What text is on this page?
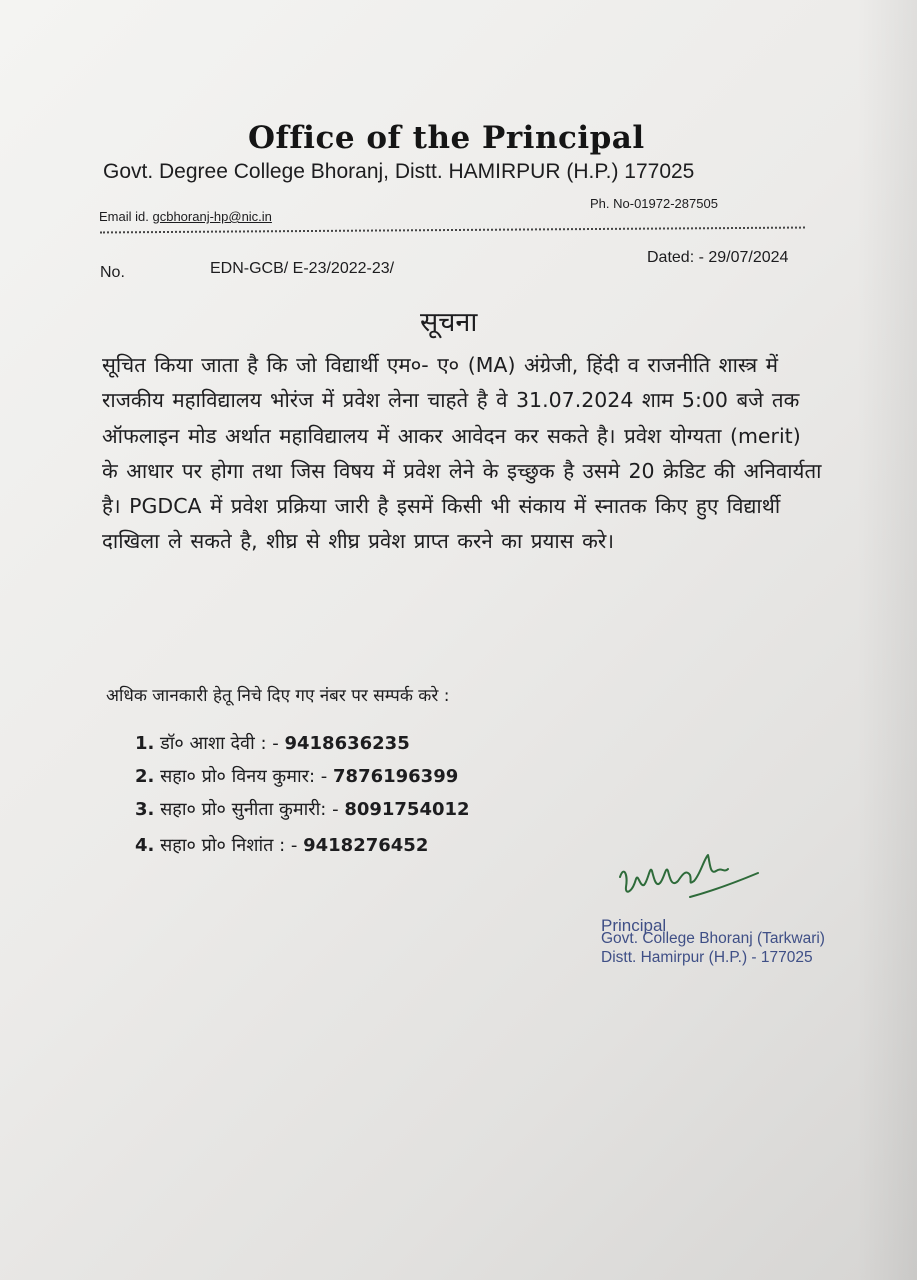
Office of the Principal
Govt. Degree College Bhoranj, Distt. HAMIRPUR (H.P.) 177025
Email id. gcbhoranj-hp@nic.in
Ph. No-01972-287505
No.	EDN-GCB/ E-23/2022-23/
Dated: - 29/07/2024
सूचना
सूचित किया जाता है कि जो विद्यार्थी एम०- ए० (MA) अंग्रेजी, हिंदी व राजनीति शास्त्र में राजकीय महाविद्यालय भोरंज में प्रवेश लेना चाहते है वे 31.07.2024 शाम 5:00 बजे तक ऑफलाइन मोड अर्थात महाविद्यालय में आकर आवेदन कर सकते है। प्रवेश योग्यता (merit) के आधार पर होगा तथा जिस विषय में प्रवेश लेने के इच्छुक है उसमे 20 क्रेडिट की अनिवार्यता है। PGDCA में प्रवेश प्रक्रिया जारी है इसमें किसी भी संकाय में स्नातक किए हुए विद्यार्थी दाखिला ले सकते है, शीघ्र से शीघ्र प्रवेश प्राप्त करने का प्रयास करे।
अधिक जानकारी हेतू निचे दिए गए नंबर पर सम्पर्क करे :
1. डॉ० आशा देवी : - 9418636235
2. सहा० प्रो० विनय कुमार: - 7876196399
3. सहा० प्रो० सुनीता कुमारी: - 8091754012
4. सहा० प्रो० निशांत : - 9418276452
Principal
Govt. College Bhoranj (Tarkwari)
Distt. Hamirpur (H.P.) - 177025
